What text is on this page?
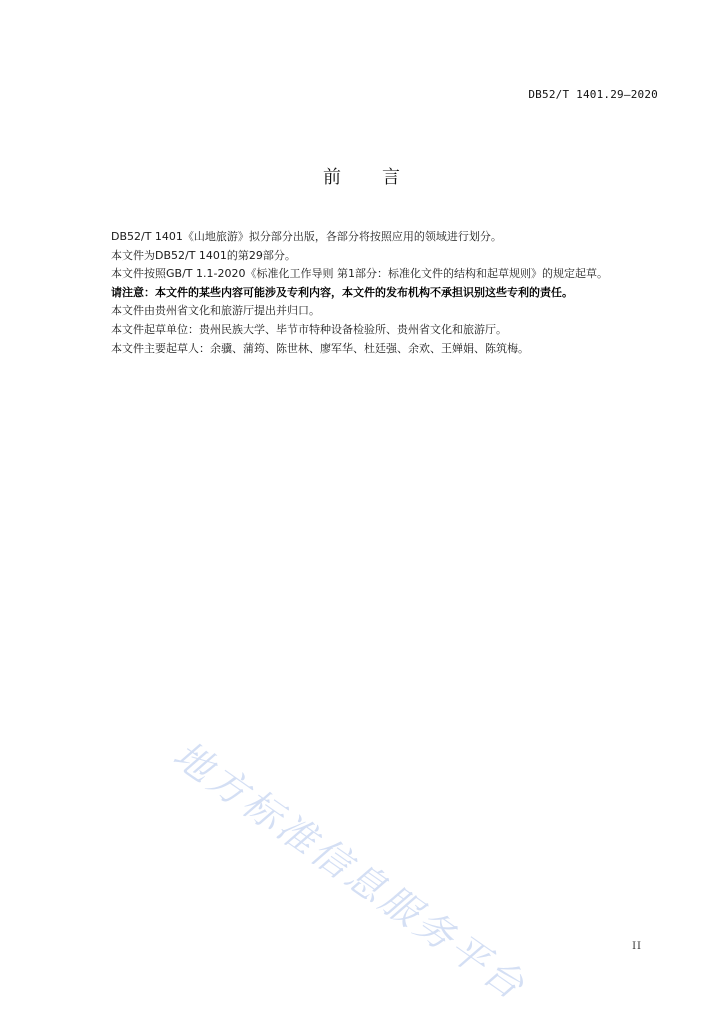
DB52/T 1401.29—2020
前 言

DB52/T 1401《山地旅游》拟分部分出版，各部分将按照应用的领域进行划分。

本文件为DB52/T 1401的第29部分。

本文件按照GB/T 1.1-2020《标准化工作导则 第1部分：标准化文件的结构和起草规则》的规定起草。

请注意：本文件的某些内容可能涉及专利内容，本文件的发布机构不承担识别这些专利的责任。

本文件由贵州省文化和旅游厅提出并归口。

本文件起草单位：贵州民族大学、毕节市特种设备检验所、贵州省文化和旅游厅。

本文件主要起草人：余骥、蒲筠、陈世林、廖军华、杜廷强、余欢、王婵娟、陈筑梅。

地方标准信息服务平台	II
